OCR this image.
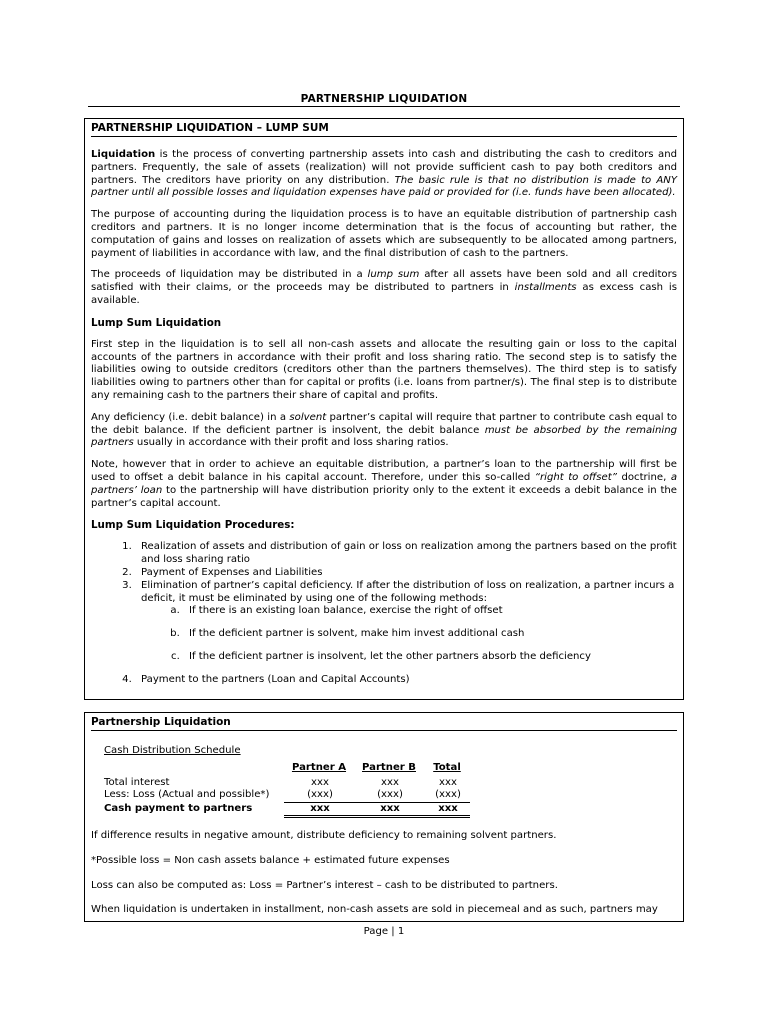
PARTNERSHIP LIQUIDATION
PARTNERSHIP LIQUIDATION – LUMP SUM

Liquidation is the process of converting partnership assets into cash and distributing the cash to creditors and partners. Frequently, the sale of assets (realization) will not provide sufficient cash to pay both creditors and partners. The creditors have priority on any distribution. The basic rule is that no distribution is made to ANY partner until all possible losses and liquidation expenses have paid or provided for (i.e. funds have been allocated).

The purpose of accounting during the liquidation process is to have an equitable distribution of partnership cash creditors and partners. It is no longer income determination that is the focus of accounting but rather, the computation of gains and losses on realization of assets which are subsequently to be allocated among partners, payment of liabilities in accordance with law, and the final distribution of cash to the partners.

The proceeds of liquidation may be distributed in a lump sum after all assets have been sold and all creditors satisfied with their claims, or the proceeds may be distributed to partners in installments as excess cash is available.

Lump Sum Liquidation

First step in the liquidation is to sell all non-cash assets and allocate the resulting gain or loss to the capital accounts of the partners in accordance with their profit and loss sharing ratio. The second step is to satisfy the liabilities owing to outside creditors (creditors other than the partners themselves). The third step is to satisfy liabilities owing to partners other than for capital or profits (i.e. loans from partner/s). The final step is to distribute any remaining cash to the partners their share of capital and profits.

Any deficiency (i.e. debit balance) in a solvent partner’s capital will require that partner to contribute cash equal to the debit balance. If the deficient partner is insolvent, the debit balance must be absorbed by the remaining partners usually in accordance with their profit and loss sharing ratios.

Note, however that in order to achieve an equitable distribution, a partner’s loan to the partnership will first be used to offset a debit balance in his capital account. Therefore, under this so-called “right to offset” doctrine, a partners’ loan to the partnership will have distribution priority only to the extent it exceeds a debit balance in the partner’s capital account.

Lump Sum Liquidation Procedures:
1. Realization of assets and distribution of gain or loss on realization among the partners based on the profit and loss sharing ratio
2. Payment of Expenses and Liabilities
3. Elimination of partner’s capital deficiency. If after the distribution of loss on realization, a partner incurs a deficit, it must be eliminated by using one of the following methods:
a. If there is an existing loan balance, exercise the right of offset
b. If the deficient partner is solvent, make him invest additional cash
c. If the deficient partner is insolvent, let the other partners absorb the deficiency
4. Payment to the partners (Loan and Capital Accounts)
Partnership Liquidation
Cash Distribution Schedule
	Partner A	Partner B	Total
Total interest	xxx	xxx	xxx
Less: Loss (Actual and possible*)	(xxx)	(xxx)	(xxx)
Cash payment to partners	xxx	xxx	xxx

If difference results in negative amount, distribute deficiency to remaining solvent partners.

*Possible loss = Non cash assets balance + estimated future expenses

Loss can also be computed as: Loss = Partner’s interest – cash to be distributed to partners.

When liquidation is undertaken in installment, non-cash assets are sold in piecemeal and as such, partners may

Page | 1
